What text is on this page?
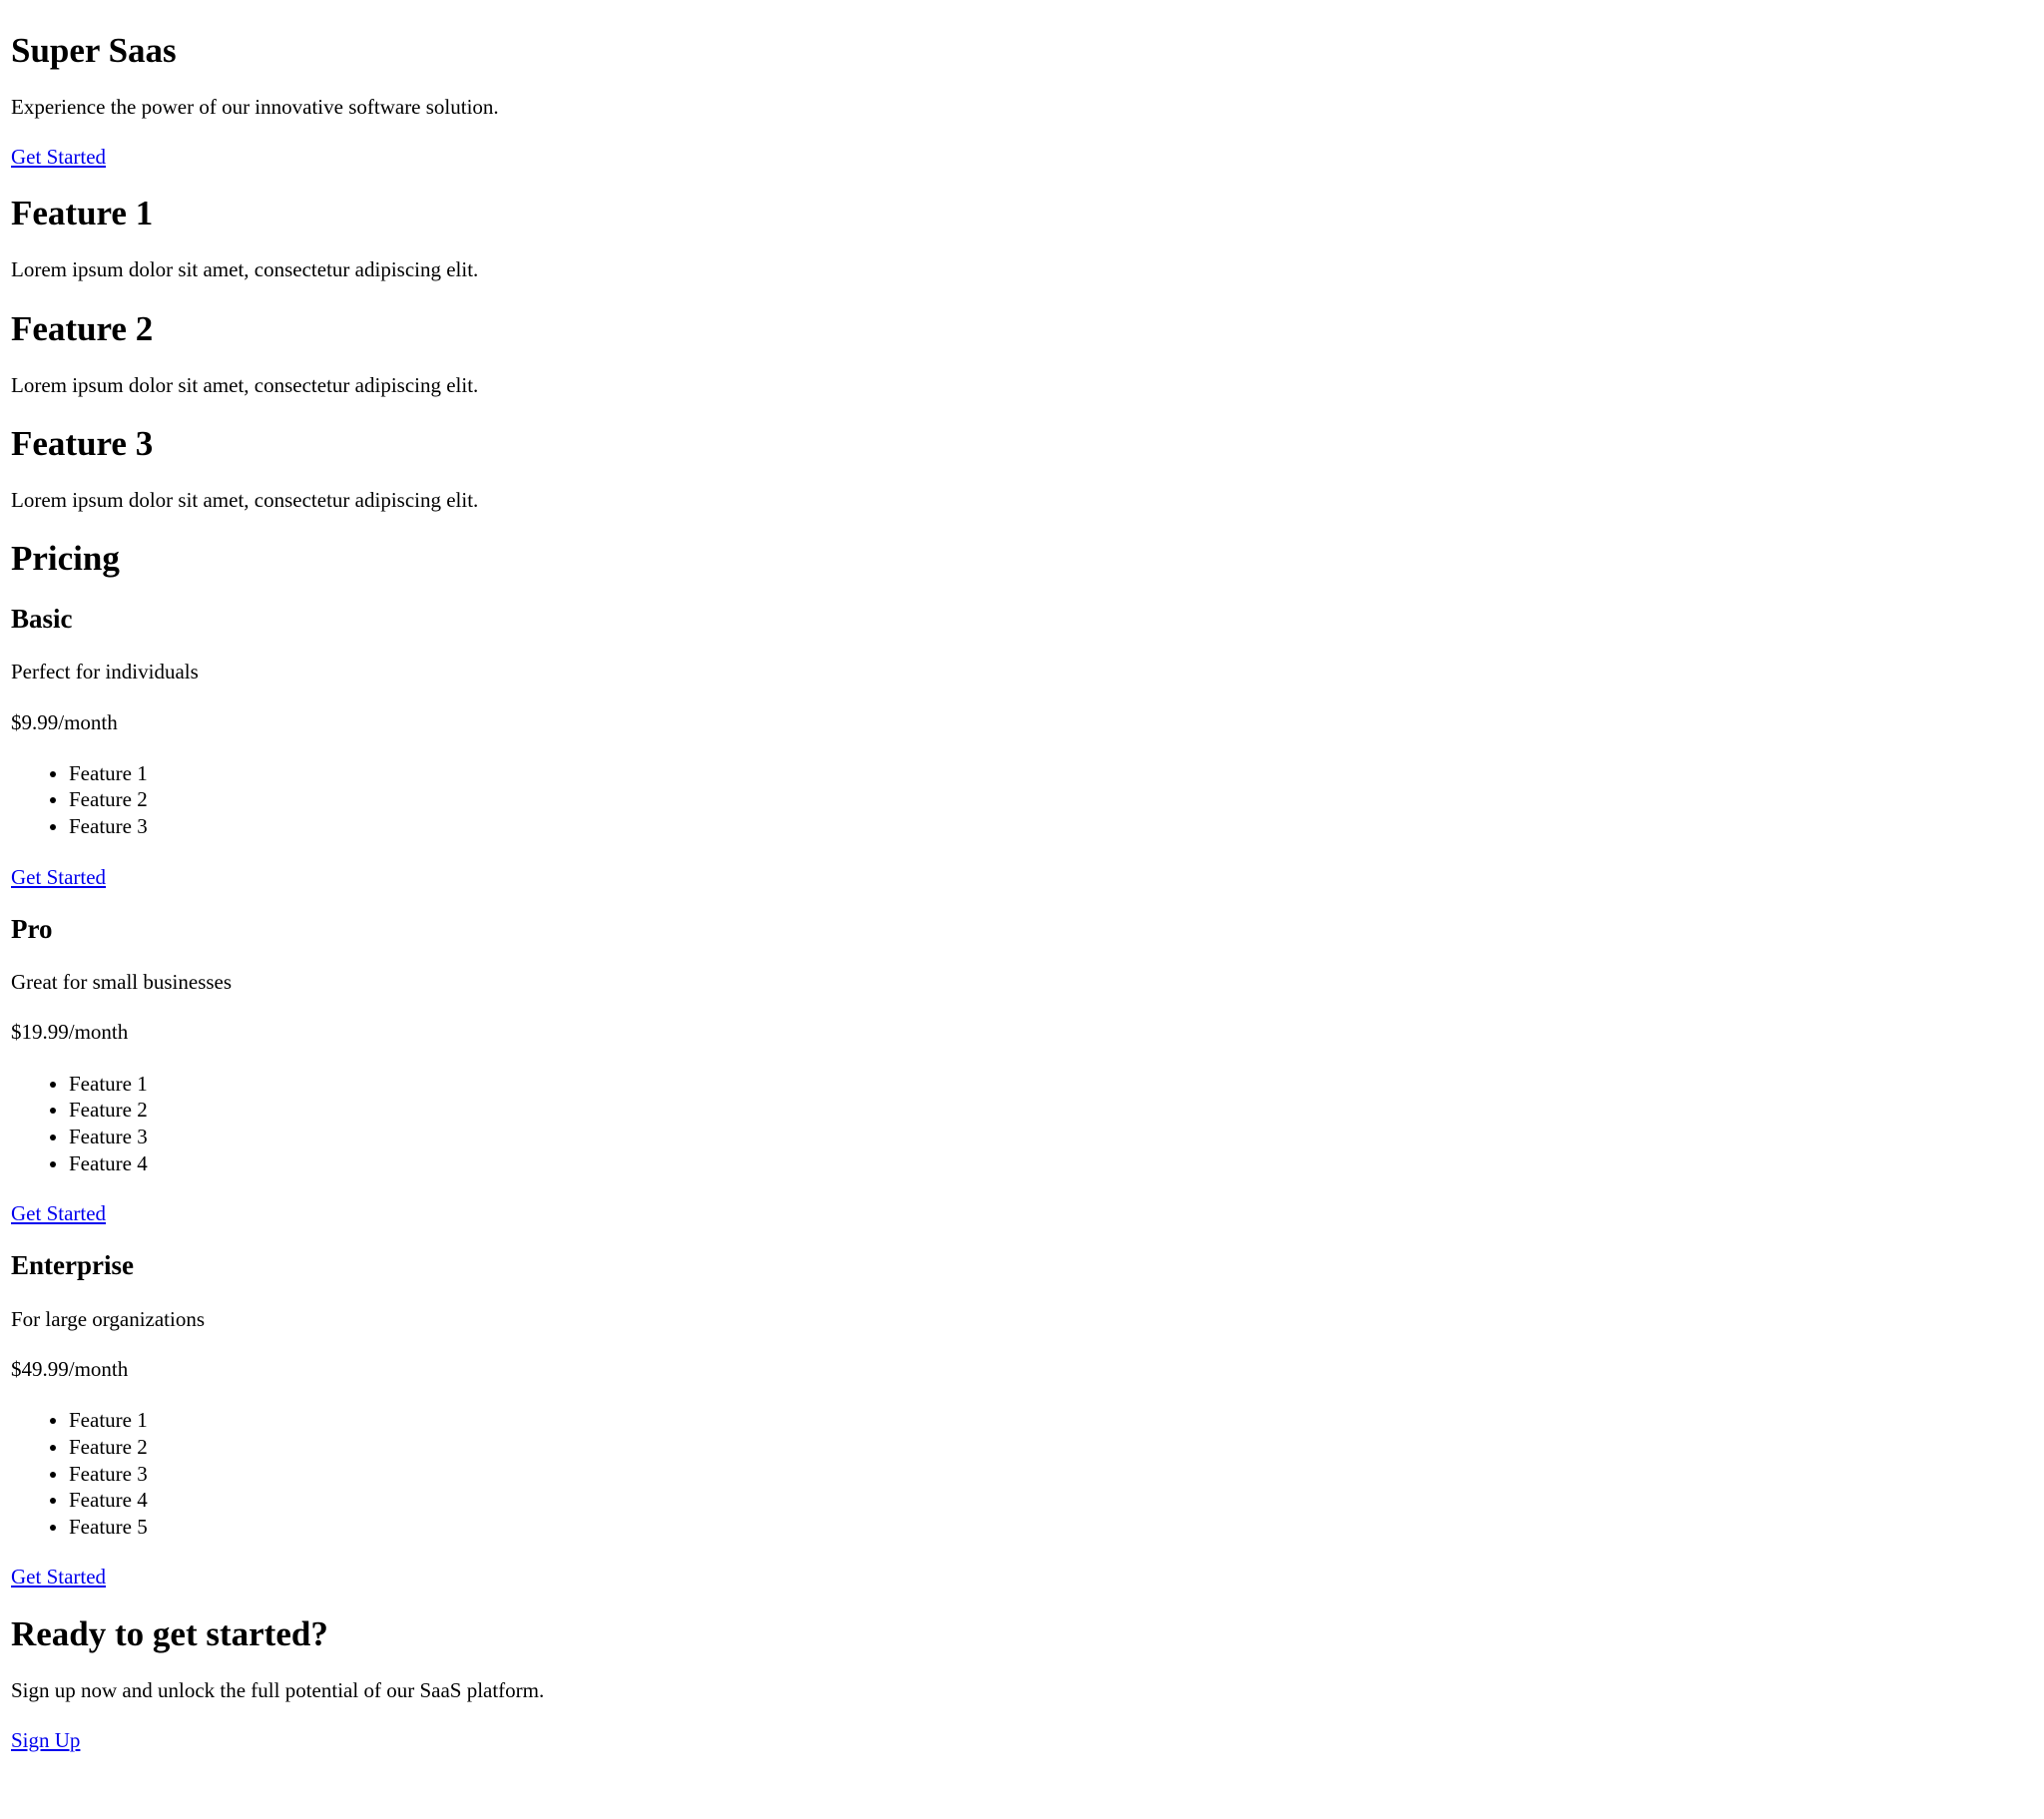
Super Saas

Experience the power of our innovative software solution.

Get Started
Feature 1

Lorem ipsum dolor sit amet, consectetur adipiscing elit.

Feature 2

Lorem ipsum dolor sit amet, consectetur adipiscing elit.

Feature 3

Lorem ipsum dolor sit amet, consectetur adipiscing elit.

Pricing
Basic

Perfect for individuals

$9.99/month

• Feature 1
• Feature 2
• Feature 3
Get Started
Pro

Great for small businesses

$19.99/month

• Feature 1
• Feature 2
• Feature 3
• Feature 4
Get Started
Enterprise

For large organizations

$49.99/month

• Feature 1
• Feature 2
• Feature 3
• Feature 4
• Feature 5
Get Started
Ready to get started?

Sign up now and unlock the full potential of our SaaS platform.

Sign Up
